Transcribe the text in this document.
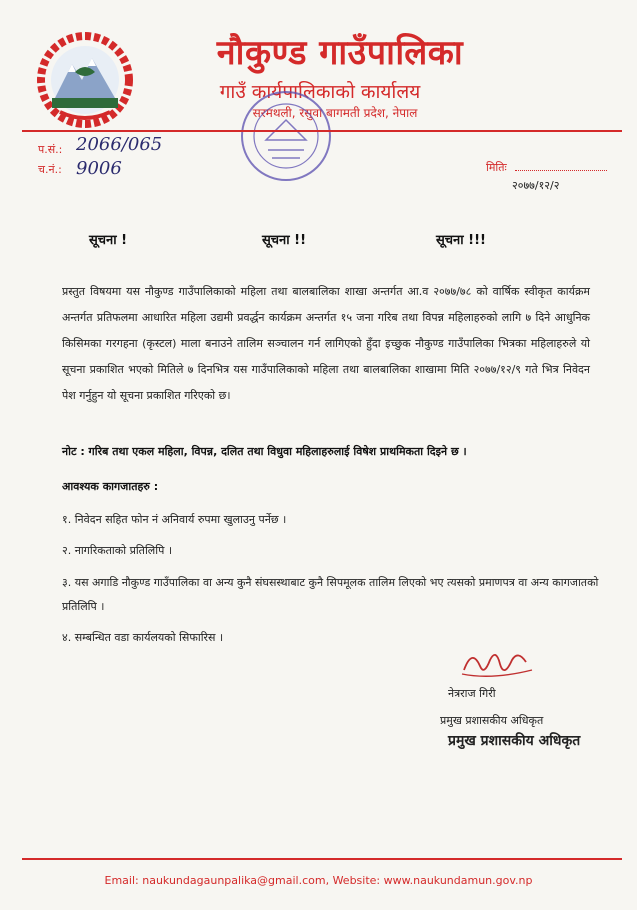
नौकुण्ड गाउँपालिका
गाउँ कार्यपालिकाको कार्यालय
सरमथली, रसुवा बागमती प्रदेश, नेपाल
प.सं.: 2066/065
च.नं.: 9006	मितिः
२०७७/१२/२
सूचना !	सूचना !!	सूचना !!!
प्रस्तुत विषयमा यस नौकुण्ड गाउँपालिकाको महिला तथा बालबालिका शाखा अन्तर्गत आ.व २०७७/७८ को वार्षिक स्वीकृत कार्यक्रम अन्तर्गत प्रतिफलमा आधारित महिला उद्यमी प्रवर्द्धन कार्यक्रम अन्तर्गत १५ जना गरिब तथा विपन्न महिलाहरुको लागि ७ दिने आधुनिक किसिमका गरगहना (कृस्टल) माला बनाउने तालिम सञ्चालन गर्न लागिएको हुँदा इच्छुक नौकुण्ड गाउँपालिका भित्रका महिलाहरुले यो सूचना प्रकाशित भएको मितिले ७ दिनभित्र यस गाउँपालिकाको महिला तथा बालबालिका शाखामा मिति २०७७/१२/९ गते भित्र निवेदन पेश गर्नुहुन यो सूचना प्रकाशित गरिएको छ।
नोट : गरिब तथा एकल महिला, विपन्न, दलित तथा विधुवा महिलाहरुलाई विषेश प्राथमिकता दिइने छ ।
आवश्यक कागजातहरु :
१. निवेदन सहित फोन नं अनिवार्य रुपमा खुलाउनु पर्नेछ ।
२. नागरिकताको प्रतिलिपि ।
३. यस अगाडि नौकुण्ड गाउँपालिका वा अन्य कुनै संघसस्थाबाट कुनै सिपमूलक तालिम लिएको भए त्यसको प्रमाणपत्र वा अन्य कागजातको प्रतिलिपि ।
४. सम्बन्धित वडा कार्यलयको सिफारिस ।
नेत्रराज गिरी
प्रमुख प्रशासकीय अधिकृत
प्रमुख प्रशासकीय अधिकृत
Email: naukundagaunpalika@gmail.com, Website: www.naukundamun.gov.np
